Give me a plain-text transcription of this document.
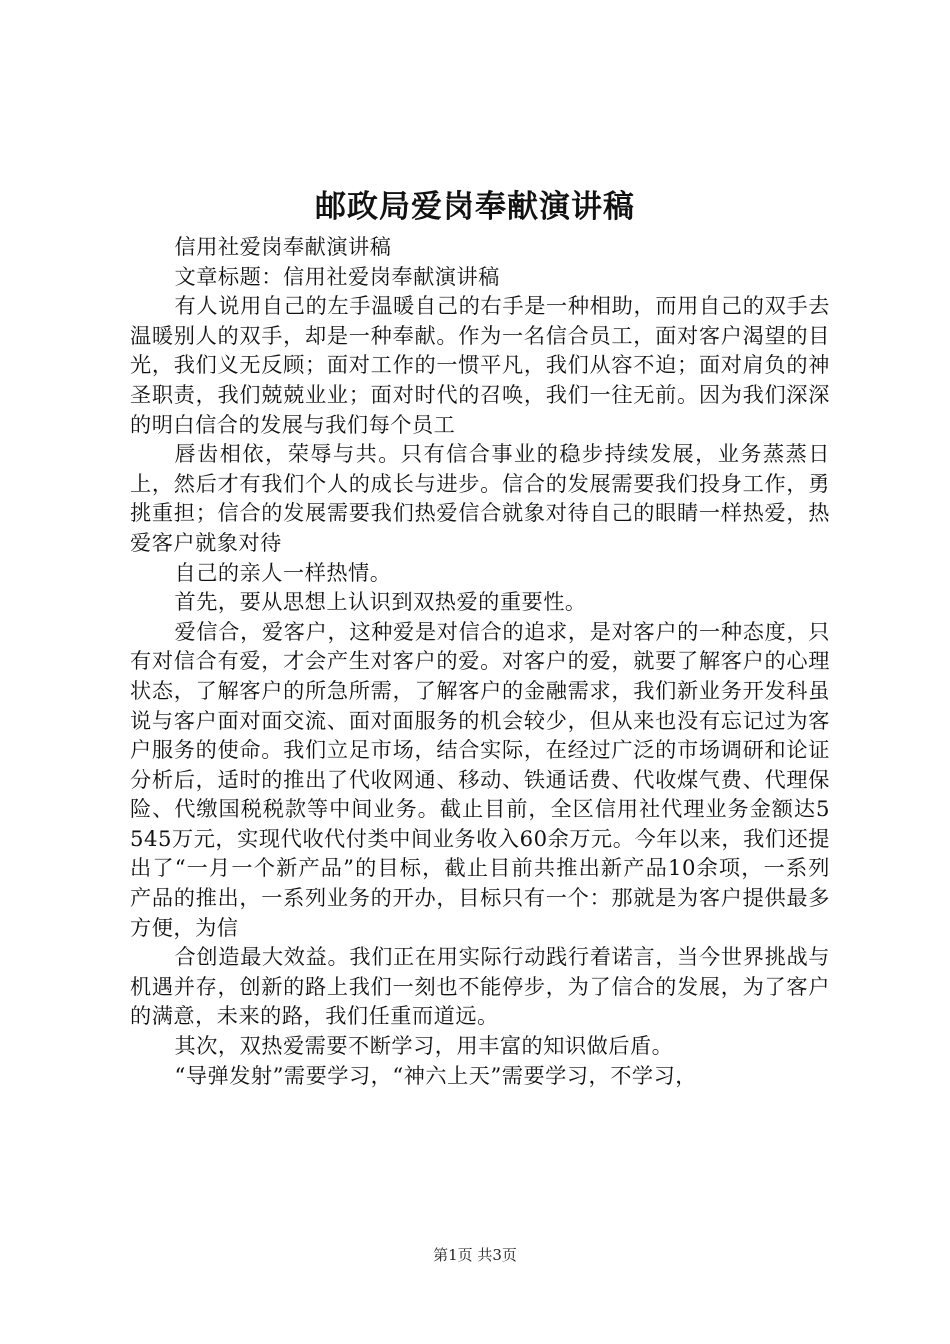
邮政局爱岗奉献演讲稿

信用社爱岗奉献演讲稿

文章标题：信用社爱岗奉献演讲稿

有人说用自己的左手温暖自己的右手是一种相助，而用自己的双手去温暖别人的双手，却是一种奉献。作为一名信合员工，面对客户渴望的目光，我们义无反顾；面对工作的一惯平凡，我们从容不迫；面对肩负的神圣职责，我们兢兢业业；面对时代的召唤，我们一往无前。因为我们深深的明白信合的发展与我们每个员工

唇齿相依，荣辱与共。只有信合事业的稳步持续发展，业务蒸蒸日上，然后才有我们个人的成长与进步。信合的发展需要我们投身工作，勇挑重担；信合的发展需要我们热爱信合就象对待自己的眼睛一样热爱，热爱客户就象对待

自己的亲人一样热情。

首先，要从思想上认识到双热爱的重要性。

爱信合，爱客户，这种爱是对信合的追求，是对客户的一种态度，只有对信合有爱，才会产生对客户的爱。对客户的爱，就要了解客户的心理状态，了解客户的所急所需，了解客户的金融需求，我们新业务开发科虽说与客户面对面交流、面对面服务的机会较少，但从来也没有忘记过为客户服务的使命。我们立足市场，结合实际，在经过广泛的市场调研和论证分析后，适时的推出了代收网通、移动、铁通话费、代收煤气费、代理保险、代缴国税税款等中间业务。截止目前，全区信用社代理业务金额达5545万元，实现代收代付类中间业务收入60余万元。今年以来，我们还提出了“一月一个新产品”的目标，截止目前共推出新产品10余项，一系列产品的推出，一系列业务的开办，目标只有一个：那就是为客户提供最多方便，为信

合创造最大效益。我们正在用实际行动践行着诺言，当今世界挑战与机遇并存，创新的路上我们一刻也不能停步，为了信合的发展，为了客户的满意，未来的路，我们任重而道远。

其次，双热爱需要不断学习，用丰富的知识做后盾。

“导弹发射”需要学习，“神六上天”需要学习，不学习，

第1页 共3页
